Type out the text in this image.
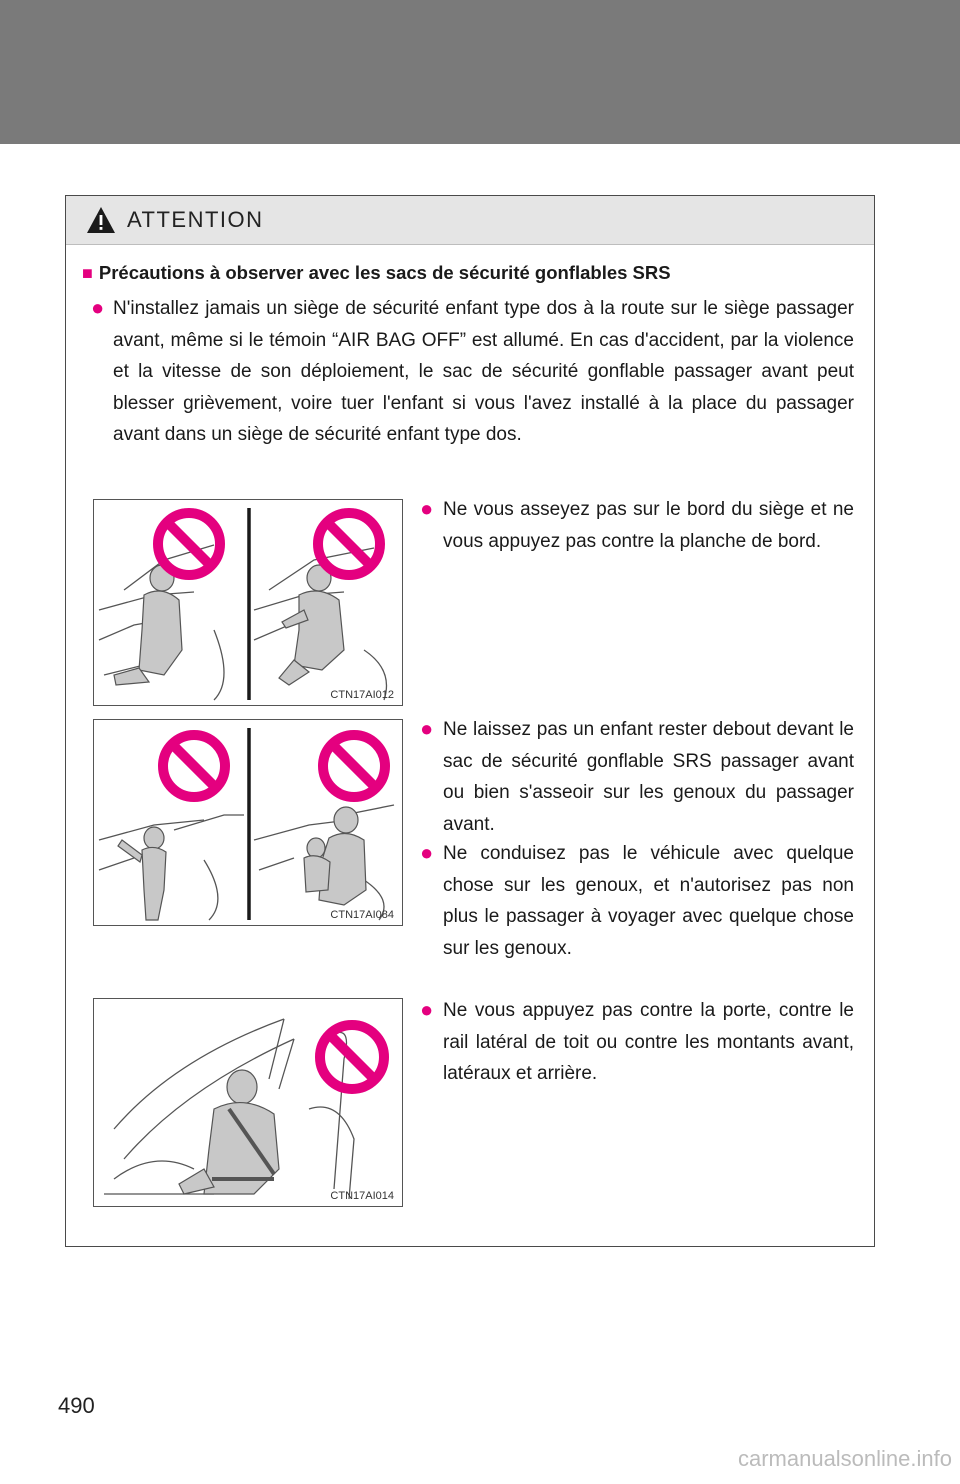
ATTENTION
■ Précautions à observer avec les sacs de sécurité gonflables SRS
● N'installez jamais un siège de sécurité enfant type dos à la route sur le siège passager avant, même si le témoin “AIR BAG OFF” est allumé. En cas d'accident, par la violence et la vitesse de son déploiement, le sac de sécurité gonflable passager avant peut blesser grièvement, voire tuer l'enfant si vous l'avez installé à la place du passager avant dans un siège de sécurité enfant type dos.
CTN17AI012
● Ne vous asseyez pas sur le bord du siège et ne vous appuyez pas contre la planche de bord.
CTN17AI084
● Ne laissez pas un enfant rester debout devant le sac de sécurité gonflable SRS passager avant ou bien s'asseoir sur les genoux du passager avant.
● Ne conduisez pas le véhicule avec quelque chose sur les genoux, et n'autorisez pas non plus le passager à voyager avec quelque chose sur les genoux.
CTN17AI014
● Ne vous appuyez pas contre la porte, contre le rail latéral de toit ou contre les montants avant, latéraux et arrière.
490
carmanualsonline.info
